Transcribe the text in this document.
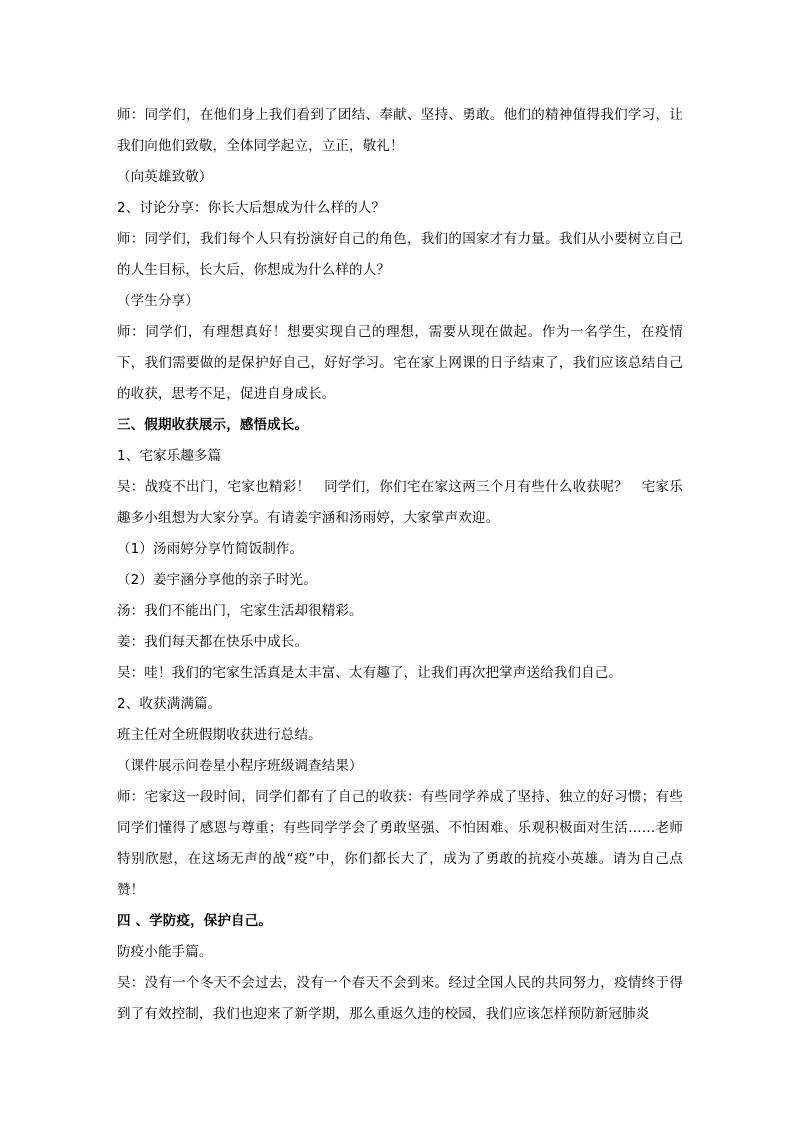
师：同学们，在他们身上我们看到了团结、奉献、坚持、勇敢。他们的精神值得我们学习，让我们向他们致敬，全体同学起立，立正，敬礼！

（向英雄致敬）

2、讨论分享：你长大后想成为什么样的人？

师：同学们，我们每个人只有扮演好自己的角色，我们的国家才有力量。我们从小要树立自己的人生目标，长大后，你想成为什么样的人？

（学生分享）

师：同学们，有理想真好！想要实现自己的理想，需要从现在做起。作为一名学生，在疫情下，我们需要做的是保护好自己，好好学习。宅在家上网课的日子结束了，我们应该总结自己的收获，思考不足，促进自身成长。

三、假期收获展示，感悟成长。

1、宅家乐趣多篇

吴：战疫不出门，宅家也精彩！　同学们，你们宅在家这两三个月有些什么收获呢？　宅家乐趣多小组想为大家分享。有请姜宇涵和汤雨婷，大家掌声欢迎。

（1）汤雨婷分享竹简饭制作。

（2）姜宇涵分享他的亲子时光。

汤：我们不能出门，宅家生活却很精彩。

姜：我们每天都在快乐中成长。

吴：哇！我们的宅家生活真是太丰富、太有趣了，让我们再次把掌声送给我们自己。

2、收获满满篇。

班主任对全班假期收获进行总结。

（课件展示问卷星小程序班级调查结果）

师：宅家这一段时间，同学们都有了自己的收获：有些同学养成了坚持、独立的好习惯；有些同学们懂得了感恩与尊重；有些同学学会了勇敢坚强、不怕困难、乐观积极面对生活……老师特别欣慰，在这场无声的战“疫”中，你们都长大了，成为了勇敢的抗疫小英雄。请为自己点赞！

四 、学防疫，保护自己。

防疫小能手篇。

吴：没有一个冬天不会过去，没有一个春天不会到来。经过全国人民的共同努力，疫情终于得到了有效控制，我们也迎来了新学期，那么重返久违的校园，我们应该怎样预防新冠肺炎
